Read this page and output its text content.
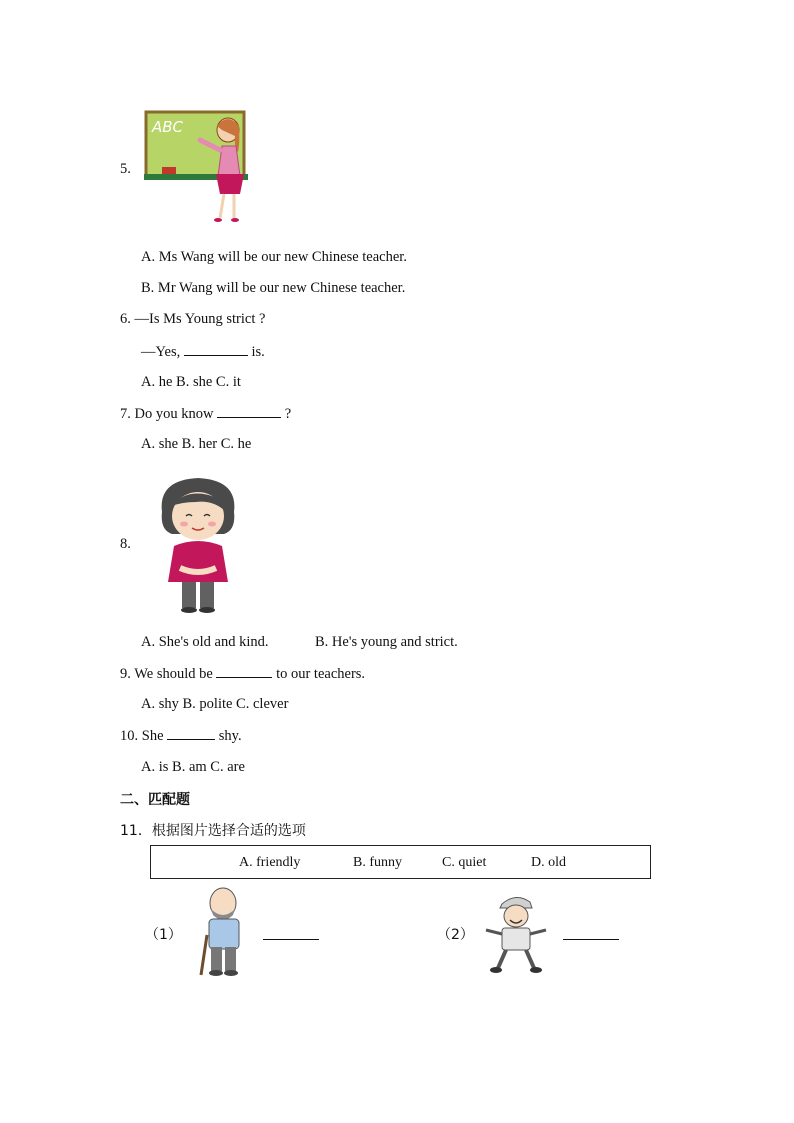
5.
ABC
A. Ms Wang will be our new Chinese teacher.
B. Mr Wang will be our new Chinese teacher.
6. —Is Ms Young strict ?
—Yes,	is.
A. he B. she C. it
7. Do you know	?
A. she B. her C. he
8.
A. She's old and kind.	B. He's young and strict.
9. We should be	to our teachers.
A. shy B. polite C. clever
10. She	shy.
A. is B. am C. are
二、匹配题
11．根据图片选择合适的选项
A. friendly	B. funny	C. quiet	D. old
（1）	（2）
